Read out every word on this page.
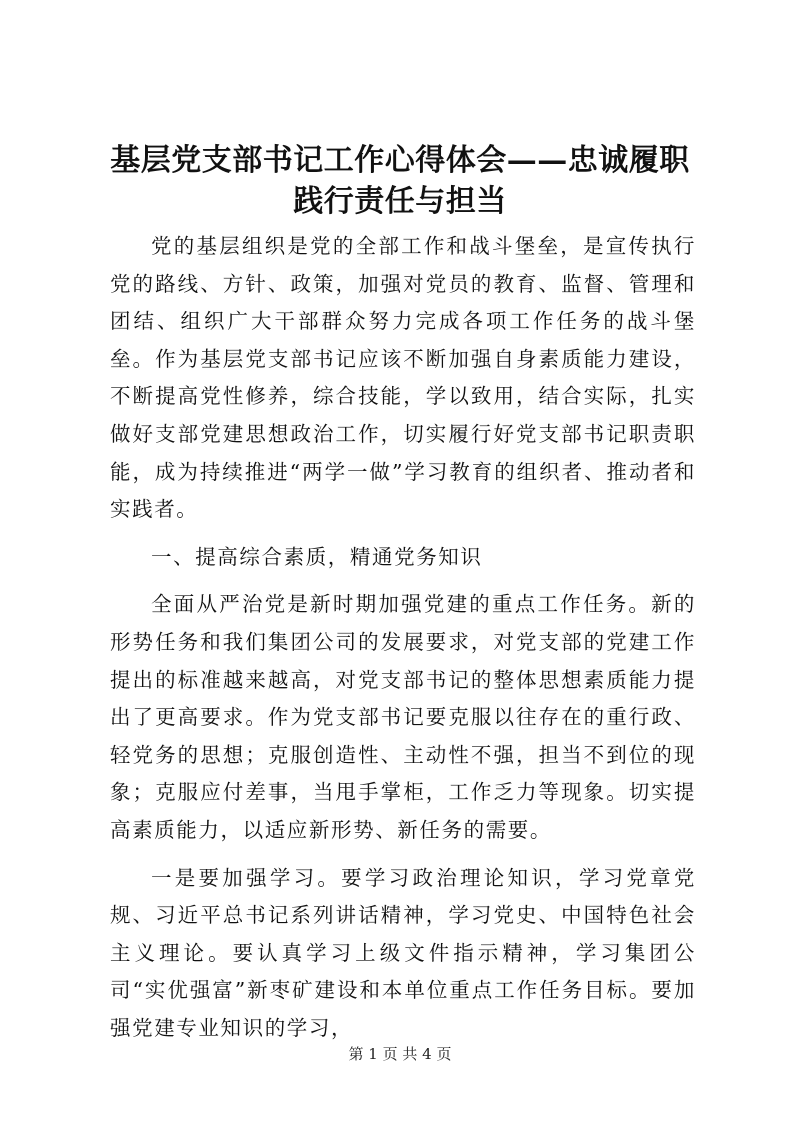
基层党支部书记工作心得体会——忠诚履职践行责任与担当

党的基层组织是党的全部工作和战斗堡垒，是宣传执行党的路线、方针、政策，加强对党员的教育、监督、管理和团结、组织广大干部群众努力完成各项工作任务的战斗堡垒。作为基层党支部书记应该不断加强自身素质能力建设，不断提高党性修养，综合技能，学以致用，结合实际，扎实做好支部党建思想政治工作，切实履行好党支部书记职责职能，成为持续推进“两学一做”学习教育的组织者、推动者和实践者。

一、提高综合素质，精通党务知识

全面从严治党是新时期加强党建的重点工作任务。新的形势任务和我们集团公司的发展要求，对党支部的党建工作提出的标准越来越高，对党支部书记的整体思想素质能力提出了更高要求。作为党支部书记要克服以往存在的重行政、轻党务的思想；克服创造性、主动性不强，担当不到位的现象；克服应付差事，当甩手掌柜，工作乏力等现象。切实提高素质能力，以适应新形势、新任务的需要。

一是要加强学习。要学习政治理论知识，学习党章党规、习近平总书记系列讲话精神，学习党史、中国特色社会主义理论。要认真学习上级文件指示精神，学习集团公司“实优强富”新枣矿建设和本单位重点工作任务目标。要加强党建专业知识的学习，

第 1 页 共 4 页
